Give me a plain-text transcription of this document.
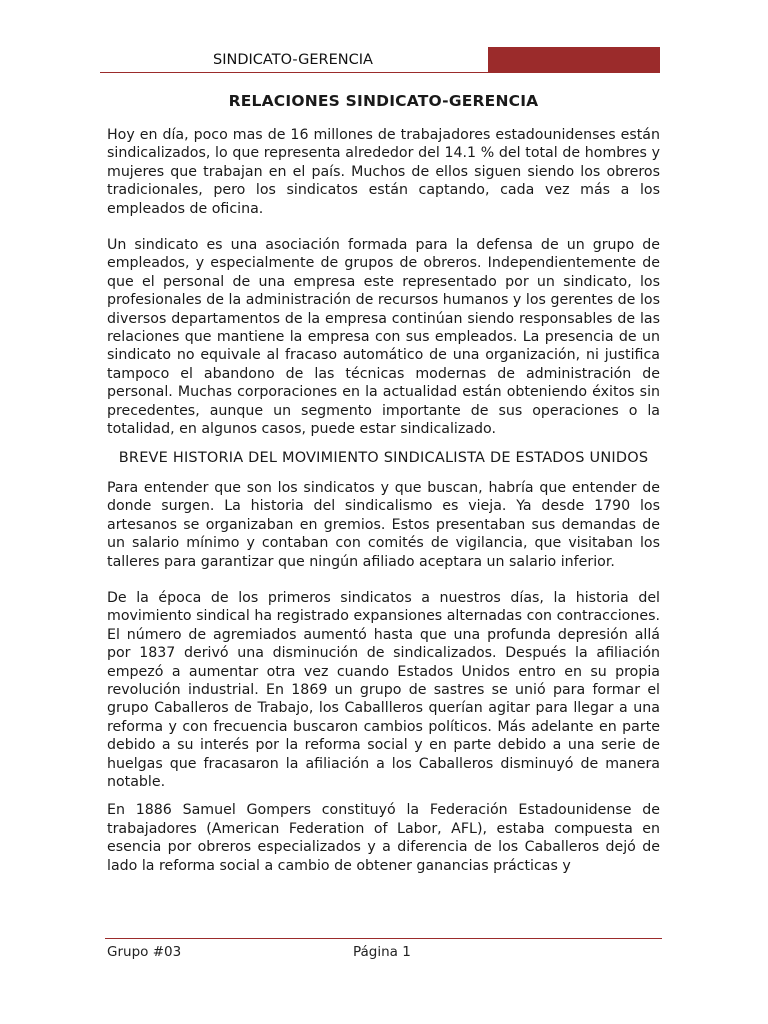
SINDICATO-GERENCIA
RELACIONES SINDICATO-GERENCIA

Hoy en día, poco mas de 16 millones de trabajadores estadounidenses están sindicalizados, lo que representa alrededor del 14.1 % del total de hombres y mujeres que trabajan en el país. Muchos de ellos siguen siendo los obreros tradicionales, pero los sindicatos están captando, cada vez más a los empleados de oficina.

Un sindicato es una asociación formada para la defensa de un grupo de empleados, y especialmente de grupos de obreros. Independientemente de que el personal de una empresa este representado por un sindicato, los profesionales de la administración de recursos humanos y los gerentes de los diversos departamentos de la empresa continúan siendo responsables de las relaciones que mantiene la empresa con sus empleados. La presencia de un sindicato no equivale al fracaso automático de una organización, ni justifica tampoco el abandono de las técnicas modernas de administración de personal. Muchas corporaciones en la actualidad están obteniendo éxitos sin precedentes, aunque un segmento importante de sus operaciones o la totalidad, en algunos casos, puede estar sindicalizado.

BREVE HISTORIA DEL MOVIMIENTO SINDICALISTA DE ESTADOS UNIDOS

Para entender que son los sindicatos y que buscan, habría que entender de donde surgen. La historia del sindicalismo es vieja. Ya desde 1790 los artesanos se organizaban en gremios. Estos presentaban sus demandas de un salario mínimo y contaban con comités de vigilancia, que visitaban los talleres para garantizar que ningún afiliado aceptara un salario inferior.

De la época de los primeros sindicatos a nuestros días, la historia del movimiento sindical ha registrado expansiones alternadas con contracciones. El número de agremiados aumentó hasta que una profunda depresión allá por 1837 derivó una disminución de sindicalizados. Después la afiliación empezó a aumentar otra vez cuando Estados Unidos entro en su propia revolución industrial. En 1869 un grupo de sastres se unió para formar el grupo Caballeros de Trabajo, los Caballleros querían agitar para llegar a una reforma y con frecuencia buscaron cambios políticos. Más adelante en parte debido a su interés por la reforma social y en parte debido a una serie de huelgas que fracasaron la afiliación a los Caballeros disminuyó de manera notable.

En 1886 Samuel Gompers constituyó la Federación Estadounidense de trabajadores (American Federation of Labor, AFL), estaba compuesta en esencia por obreros especializados y a diferencia de los Caballeros dejó de lado la reforma social a cambio de obtener ganancias prácticas y

Grupo #03	Página 1
